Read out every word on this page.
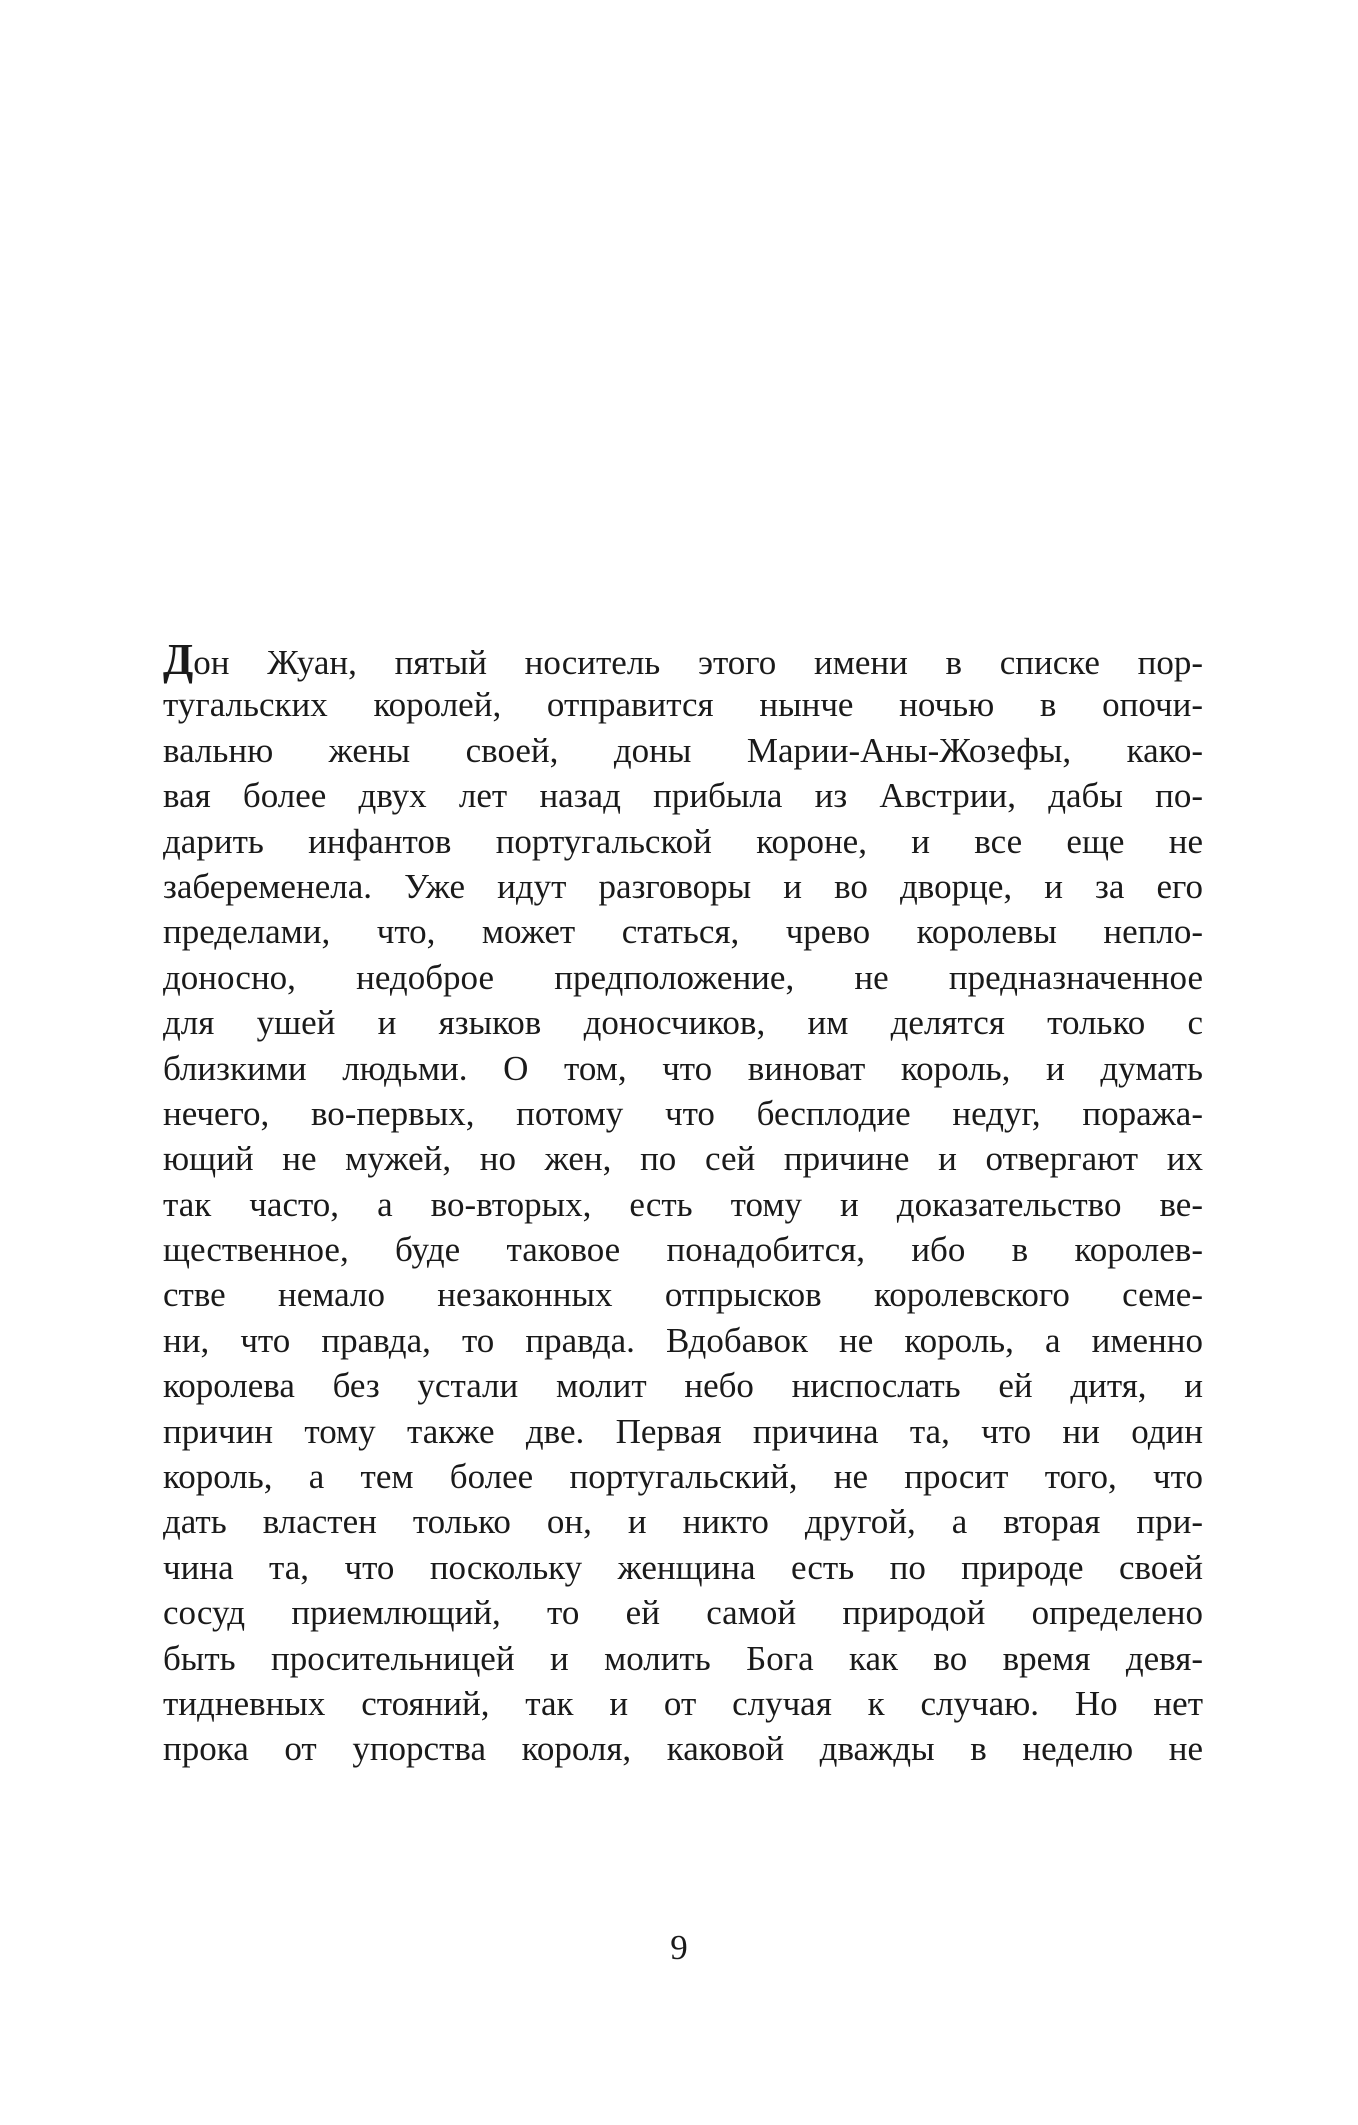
Дон Жуан, пятый носитель этого имени в списке пор-
тугальских королей, отправится нынче ночью в опочи-
вальню жены своей, доны Марии-Аны-Жозефы, како-
вая более двух лет назад прибыла из Австрии, дабы по-
дарить инфантов португальской короне, и все еще не
забеременела. Уже идут разговоры и во дворце, и за его
пределами, что, может статься, чрево королевы непло-
доносно, недоброе предположение, не предназначенное
для ушей и языков доносчиков, им делятся только с
близкими людьми. О том, что виноват король, и думать
нечего, во-первых, потому что бесплодие недуг, поража-
ющий не мужей, но жен, по сей причине и отвергают их
так часто, а во-вторых, есть тому и доказательство ве-
щественное, буде таковое понадобится, ибо в королев-
стве немало незаконных отпрысков королевского семе-
ни, что правда, то правда. Вдобавок не король, а именно
королева без устали молит небо ниспослать ей дитя, и
причин тому также две. Первая причина та, что ни один
король, а тем более португальский, не просит того, что
дать властен только он, и никто другой, а вторая при-
чина та, что поскольку женщина есть по природе своей
сосуд приемлющий, то ей самой природой определено
быть просительницей и молить Бога как во время девя-
тидневных стояний, так и от случая к случаю. Но нет
прока от упорства короля, каковой дважды в неделю не
9
